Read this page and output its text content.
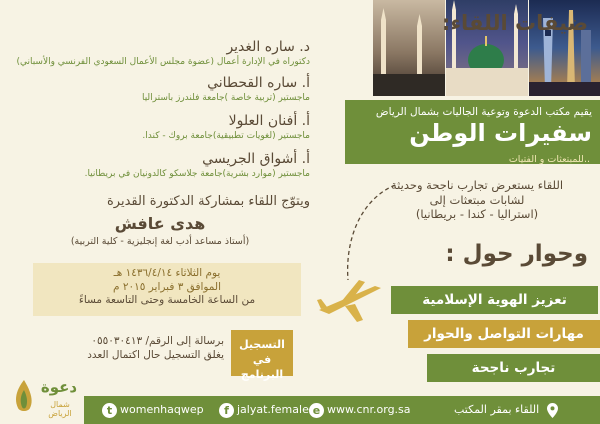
يقيم مكتب الدعوة وتوعية الجاليات بشمال الرياض
سفيرات الوطن ..للمبتعثات و الفتيات
اللقاء يستعرض تجارب ناجحة وحديثة
لشابات مبتعثات إلى
(استراليا - كندا - بريطانيا)
وحوار حول :
تعزيز الهوية الإسلامية
مهارات التواصل والحوار
تجارب ناجحة
ضيفات اللقاء:
د. ساره الغدير
دكتوراه في الإدارة أعمال (عضوة مجلس الأعمال السعودي الفرنسي والأسباني)
أ. ساره القحطاني
ماجستير (تربية خاصة )جامعة فلندرز باستراليا
أ. أفنان العلولا
ماجستير (لغويات تطبيقية)جامعة بروك - كندا.
أ. أشواق الجريسي
ماجستير (موارد بشرية)جامعة جلاسكو كالدونيان في بريطانيا.
ويتوّج اللقاء بمشاركة الدكتورة القديرة
هدى عافش
(أستاذ مساعد أدب لغة إنجليزية - كلية التربية)
يوم الثلاثاء ١٤٣٦/٤/١٤ هـ
الموافق ٣ فبراير ٢٠١٥ م
من الساعة الخامسة وحتى التاسعة مساءً
التسجيل في
البرنامج
برسالة إلى الرقم/ ٠٥٥٠٣٠٤١٣
يغلق التسجيل حال اكتمال العدد
دعوة
شمال الرياض	t womenhaqwep	f jalyat.female e www.cnr.org.sa	اللقاء بمقر المكتب
